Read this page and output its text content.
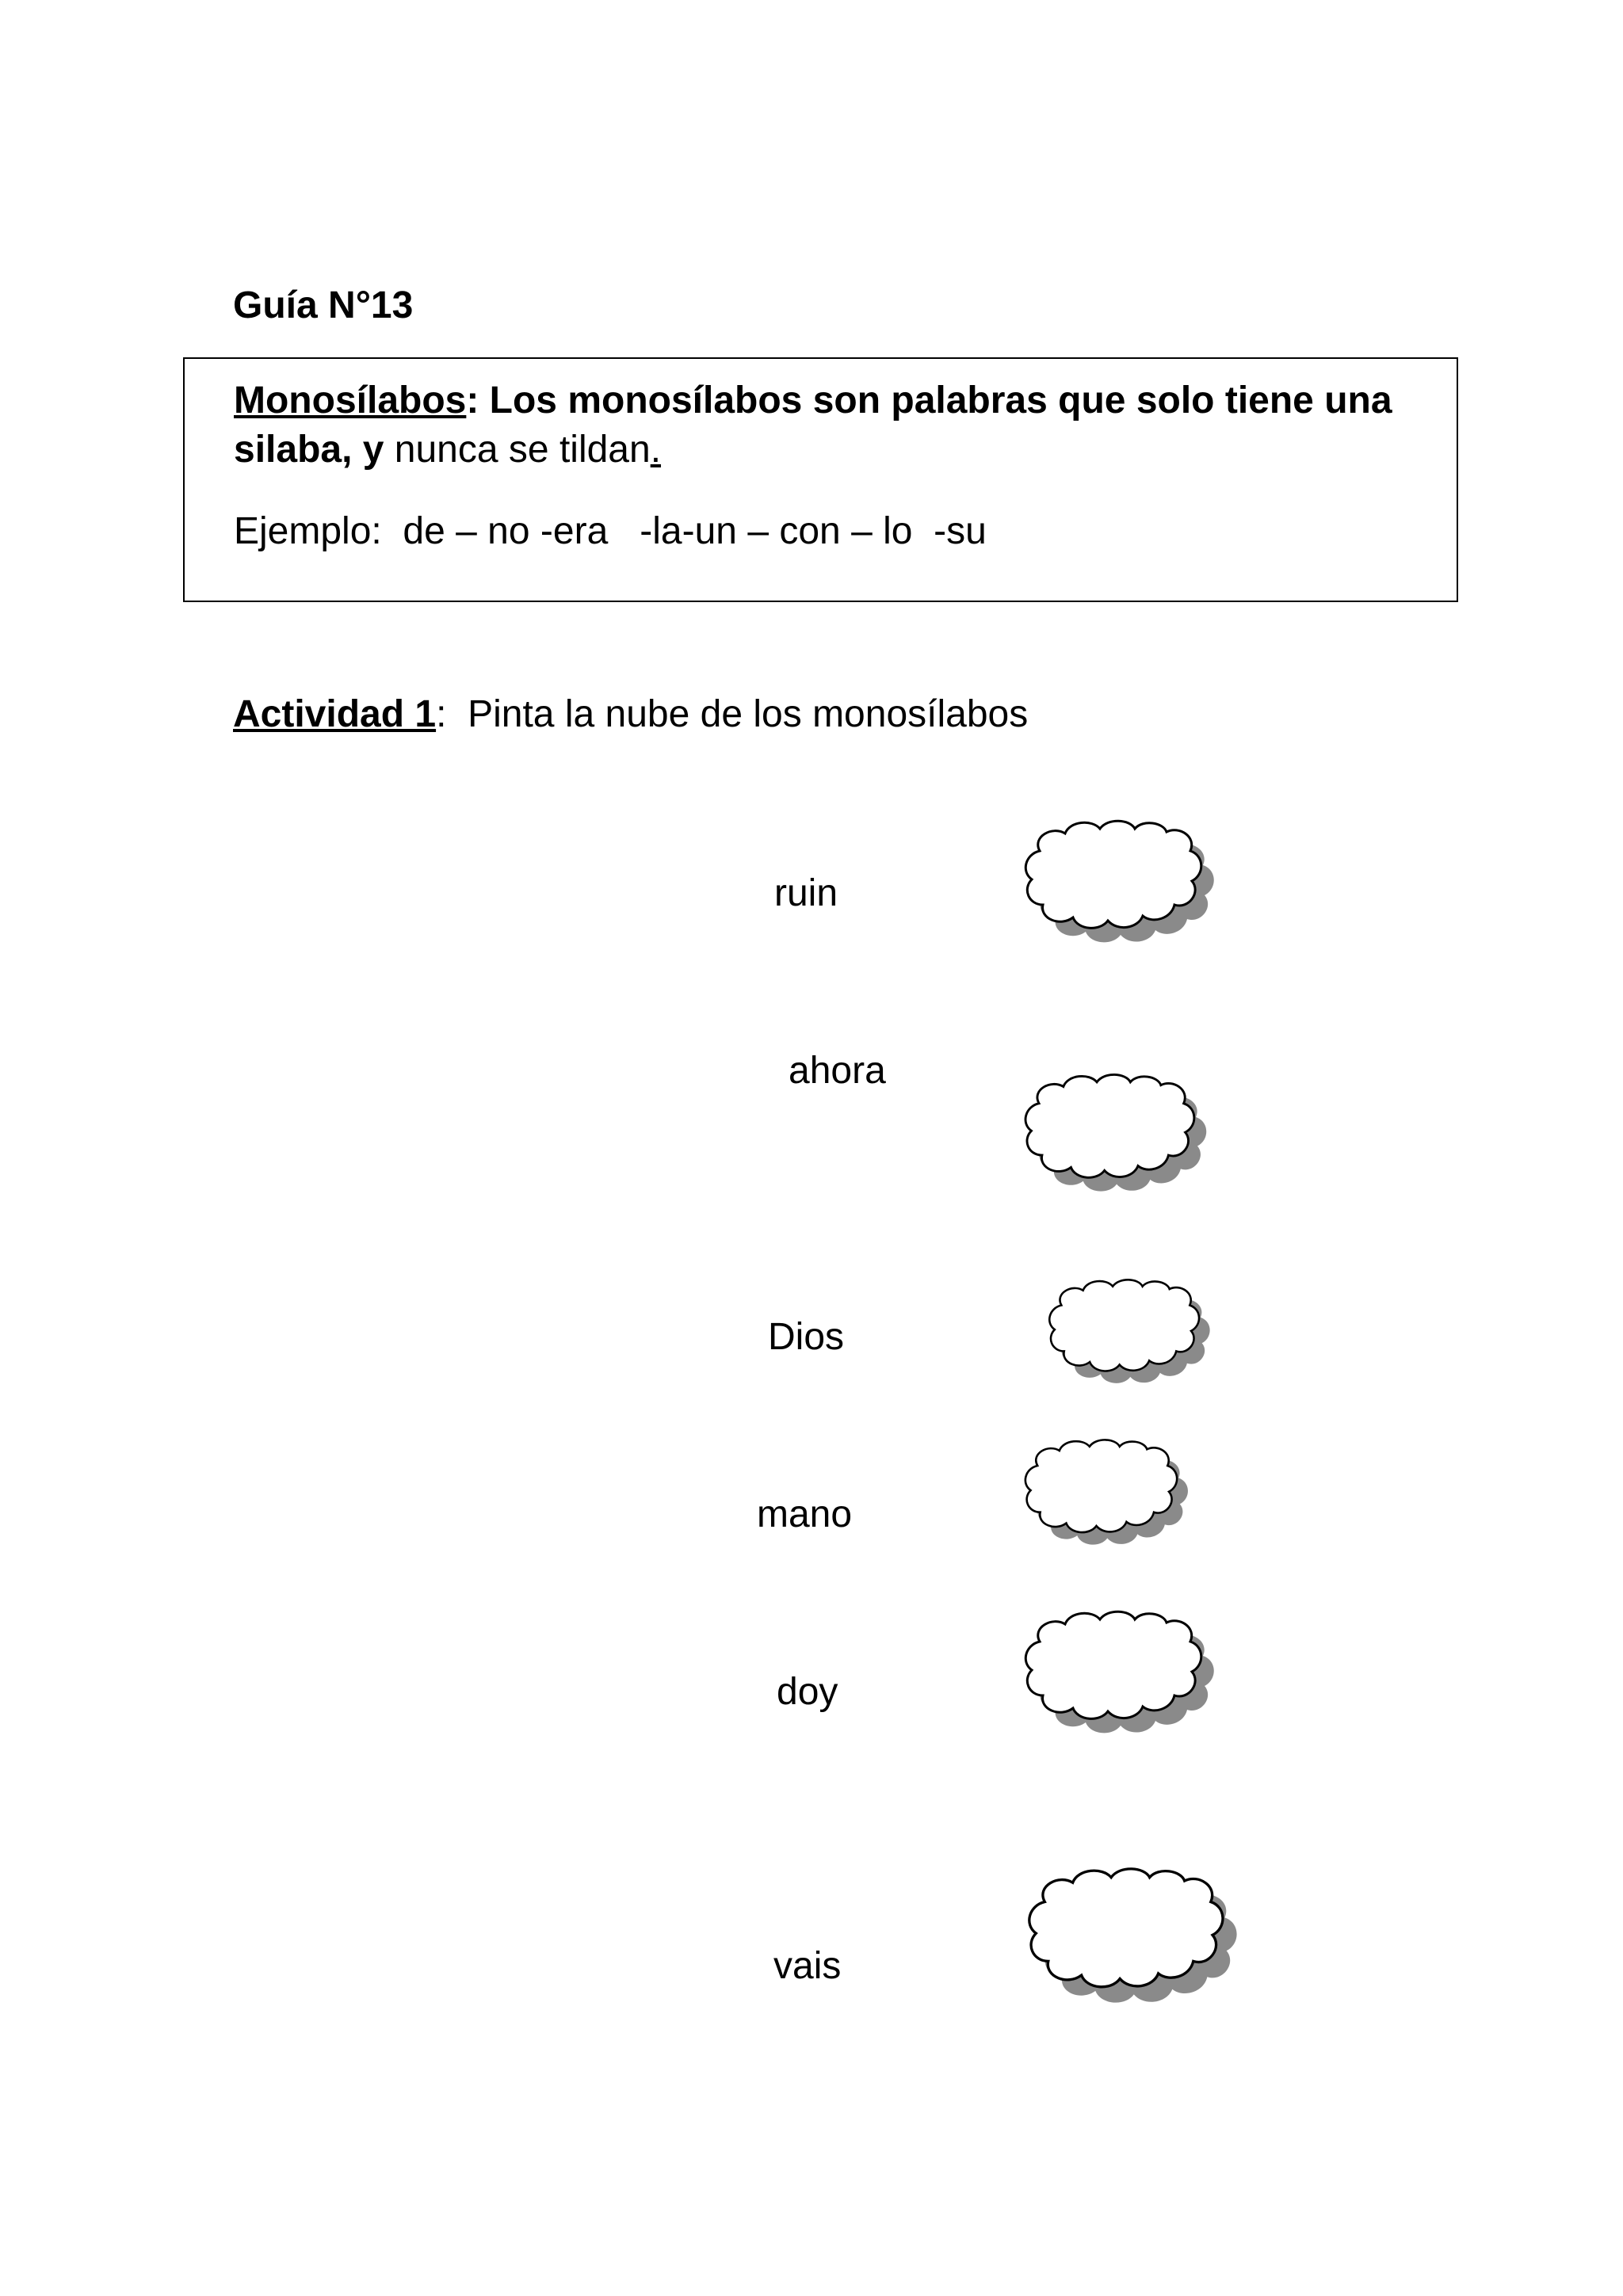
Guía N°13
Monosílabos: Los monosílabos son palabras que solo tiene una silaba, y nunca se tildan.
Ejemplo:  de – no -era   -la-un – con – lo  -su
Actividad 1:  Pinta la nube de los monosílabos
ruin
ahora
Dios
mano
doy
vais
